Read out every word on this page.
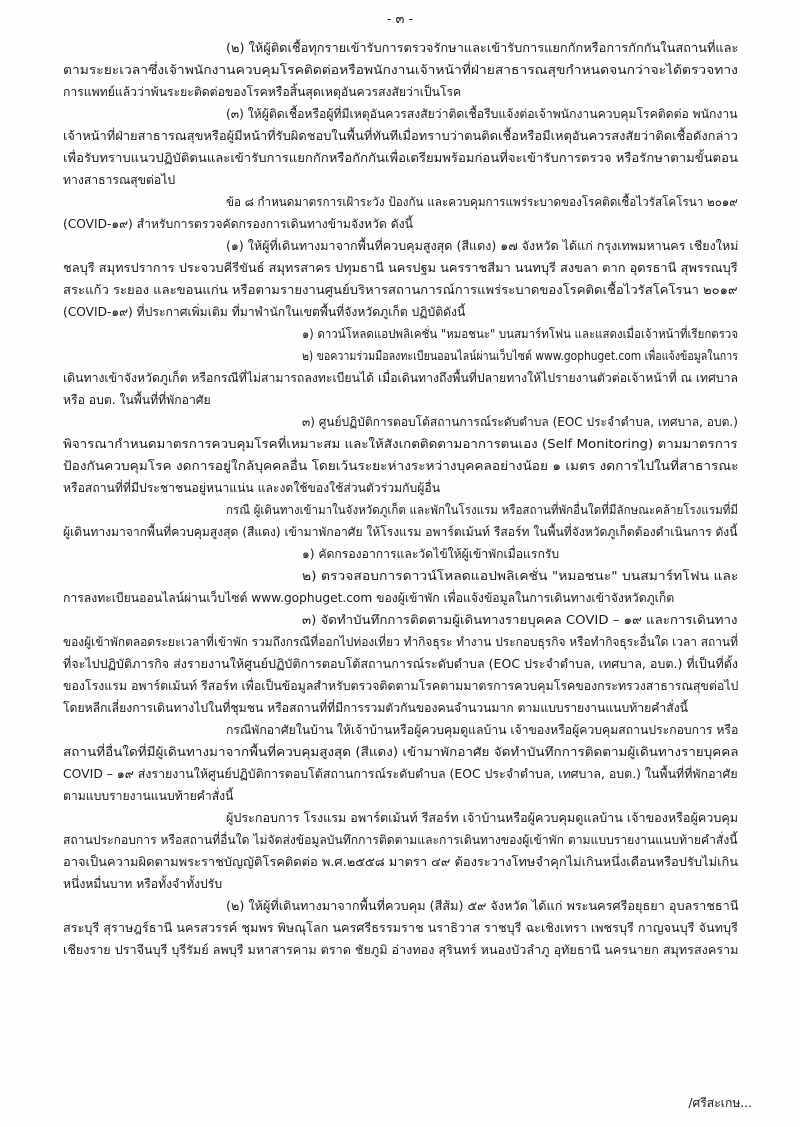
- ๓ -
(๒) ให้ผู้ติดเชื้อทุกรายเข้ารับการตรวจรักษาและเข้ารับการแยกกักหรือการกักกันในสถานที่และ
ตามระยะเวลาซึ่งเจ้าพนักงานควบคุมโรคติดต่อหรือพนักงานเจ้าหน้าที่ฝ่ายสาธารณสุขกำหนดจนกว่าจะได้ตรวจทาง
การแพทย์แล้วว่าพ้นระยะติดต่อของโรคหรือสิ้นสุดเหตุอันควรสงสัยว่าเป็นโรค
(๓) ให้ผู้ติดเชื้อหรือผู้ที่มีเหตุอันควรสงสัยว่าติดเชื้อรีบแจ้งต่อเจ้าพนักงานควบคุมโรคติดต่อ พนักงาน
เจ้าหน้าที่ฝ่ายสาธารณสุขหรือผู้มีหน้าที่รับผิดชอบในพื้นที่ทันทีเมื่อทราบว่าตนติดเชื้อหรือมีเหตุอันควรสงสัยว่าติดเชื้อดังกล่าว
เพื่อรับทราบแนวปฏิบัติตนและเข้ารับการแยกกักหรือกักกันเพื่อเตรียมพร้อมก่อนที่จะเข้ารับการตรวจ หรือรักษาตามขั้นตอน
ทางสาธารณสุขต่อไป
ข้อ ๘ กำหนดมาตรการเฝ้าระวัง ป้องกัน และควบคุมการแพร่ระบาดของโรคติดเชื้อไวรัสโคโรนา ๒๐๑๙
(COVID-๑๙) สำหรับการตรวจคัดกรองการเดินทางข้ามจังหวัด ดังนี้
(๑) ให้ผู้ที่เดินทางมาจากพื้นที่ควบคุมสูงสุด (สีแดง) ๑๗ จังหวัด ได้แก่ กรุงเทพมหานคร เชียงใหม่
ชลบุรี สมุทรปราการ ประจวบคีรีขันธ์ สมุทรสาคร ปทุมธานี นครปฐม นครราชสีมา นนทบุรี สงขลา ตาก อุดรธานี สุพรรณบุรี
สระแก้ว ระยอง และขอนแก่น หรือตามรายงานศูนย์บริหารสถานการณ์การแพร่ระบาดของโรคติดเชื้อไวรัสโคโรนา ๒๐๑๙
(COVID-๑๙) ที่ประกาศเพิ่มเติม ที่มาพำนักในเขตพื้นที่จังหวัดภูเก็ต ปฏิบัติดังนี้
๑) ดาวน์โหลดแอปพลิเคชั่น "หมอชนะ" บนสมาร์ทโฟน และแสดงเมื่อเจ้าหน้าที่เรียกตรวจ
๒) ขอความร่วมมือลงทะเบียนออนไลน์ผ่านเว็บไซต์ www.gophuget.com เพื่อแจ้งข้อมูลในการ
เดินทางเข้าจังหวัดภูเก็ต หรือกรณีที่ไม่สามารถลงทะเบียนได้ เมื่อเดินทางถึงพื้นที่ปลายทางให้ไปรายงานตัวต่อเจ้าหน้าที่ ณ เทศบาล
หรือ อบต. ในพื้นที่ที่พักอาศัย
๓) ศูนย์ปฏิบัติการตอบโต้สถานการณ์ระดับตำบล (EOC ประจำตำบล, เทศบาล, อบต.)
พิจารณากำหนดมาตรการควบคุมโรคที่เหมาะสม และให้สังเกตติดตามอาการตนเอง (Self Monitoring) ตามมาตรการ
ป้องกันควบคุมโรค งดการอยู่ใกล้บุคคลอื่น โดยเว้นระยะห่างระหว่างบุคคลอย่างน้อย ๑ เมตร งดการไปในที่สาธารณะ
หรือสถานที่ที่มีประชาชนอยู่หนาแน่น และงดใช้ของใช้ส่วนตัวร่วมกับผู้อื่น
กรณี ผู้เดินทางเข้ามาในจังหวัดภูเก็ต และพักในโรงแรม หรือสถานที่พักอื่นใดที่มีลักษณะคล้ายโรงแรมที่มี
ผู้เดินทางมาจากพื้นที่ควบคุมสูงสุด (สีแดง) เข้ามาพักอาศัย ให้โรงแรม อพาร์ตเม้นท์ รีสอร์ท ในพื้นที่จังหวัดภูเก็ตต้องดำเนินการ ดังนี้
๑) คัดกรองอาการและวัดไข้ให้ผู้เข้าพักเมื่อแรกรับ
๒) ตรวจสอบการดาวน์โหลดแอปพลิเคชั่น "หมอชนะ" บนสมาร์ทโฟน และ
การลงทะเบียนออนไลน์ผ่านเว็บไซต์ www.gophuget.com ของผู้เข้าพัก เพื่อแจ้งข้อมูลในการเดินทางเข้าจังหวัดภูเก็ต
๓) จัดทำบันทึกการติดตามผู้เดินทางรายบุคคล COVID – ๑๙ และการเดินทาง
ของผู้เข้าพักตลอดระยะเวลาที่เข้าพัก รวมถึงกรณีที่ออกไปท่องเที่ยว ทำกิจธุระ ทำงาน ประกอบธุรกิจ หรือทำกิจธุระอื่นใด เวลา สถานที่
ที่จะไปปฏิบัติภารกิจ ส่งรายงานให้ศูนย์ปฏิบัติการตอบโต้สถานการณ์ระดับตำบล (EOC ประจำตำบล, เทศบาล, อบต.) ที่เป็นที่ตั้ง
ของโรงแรม อพาร์ตเม้นท์ รีสอร์ท เพื่อเป็นข้อมูลสำหรับตรวจติดตามโรคตามมาตรการควบคุมโรคของกระทรวงสาธารณสุขต่อไป
โดยหลีกเลี่ยงการเดินทางไปในที่ชุมชน หรือสถานที่ที่มีการรวมตัวกันของคนจำนวนมาก ตามแบบรายงานแนบท้ายคำสั่งนี้
กรณีพักอาศัยในบ้าน ให้เจ้าบ้านหรือผู้ควบคุมดูแลบ้าน เจ้าของหรือผู้ควบคุมสถานประกอบการ หรือ
สถานที่อื่นใดที่มีผู้เดินทางมาจากพื้นที่ควบคุมสูงสุด (สีแดง) เข้ามาพักอาศัย จัดทำบันทึกการติดตามผู้เดินทางรายบุคคล
COVID – ๑๙ ส่งรายงานให้ศูนย์ปฏิบัติการตอบโต้สถานการณ์ระดับตำบล (EOC ประจำตำบล, เทศบาล, อบต.) ในพื้นที่ที่พักอาศัย
ตามแบบรายงานแนบท้ายคำสั่งนี้
ผู้ประกอบการ โรงแรม อพาร์ตเม้นท์ รีสอร์ท เจ้าบ้านหรือผู้ควบคุมดูแลบ้าน เจ้าของหรือผู้ควบคุม
สถานประกอบการ หรือสถานที่อื่นใด ไม่จัดส่งข้อมูลบันทึกการติดตามและการเดินทางของผู้เข้าพัก ตามแบบรายงานแนบท้ายคำสั่งนี้
อาจเป็นความผิดตามพระราชบัญญัติโรคติดต่อ พ.ศ.๒๕๕๘ มาตรา ๔๙ ต้องระวางโทษจำคุกไม่เกินหนึ่งเดือนหรือปรับไม่เกิน
หนึ่งหมื่นบาท หรือทั้งจำทั้งปรับ
(๒) ให้ผู้ที่เดินทางมาจากพื้นที่ควบคุม (สีส้ม) ๕๙ จังหวัด ได้แก่ พระนครศรีอยุธยา อุบลราชธานี
สระบุรี สุราษฎร์ธานี นครสวรรค์ ชุมพร พิษณุโลก นครศรีธรรมราช นราธิวาส ราชบุรี ฉะเชิงเทรา เพชรบุรี กาญจนบุรี จันทบุรี
เชียงราย ปราจีนบุรี บุรีรัมย์ ลพบุรี มหาสารคาม ตราด ชัยภูมิ อ่างทอง สุรินทร์ หนองบัวลำภู อุทัยธานี นครนายก สมุทรสงคราม
/ศรีสะเกษ...
